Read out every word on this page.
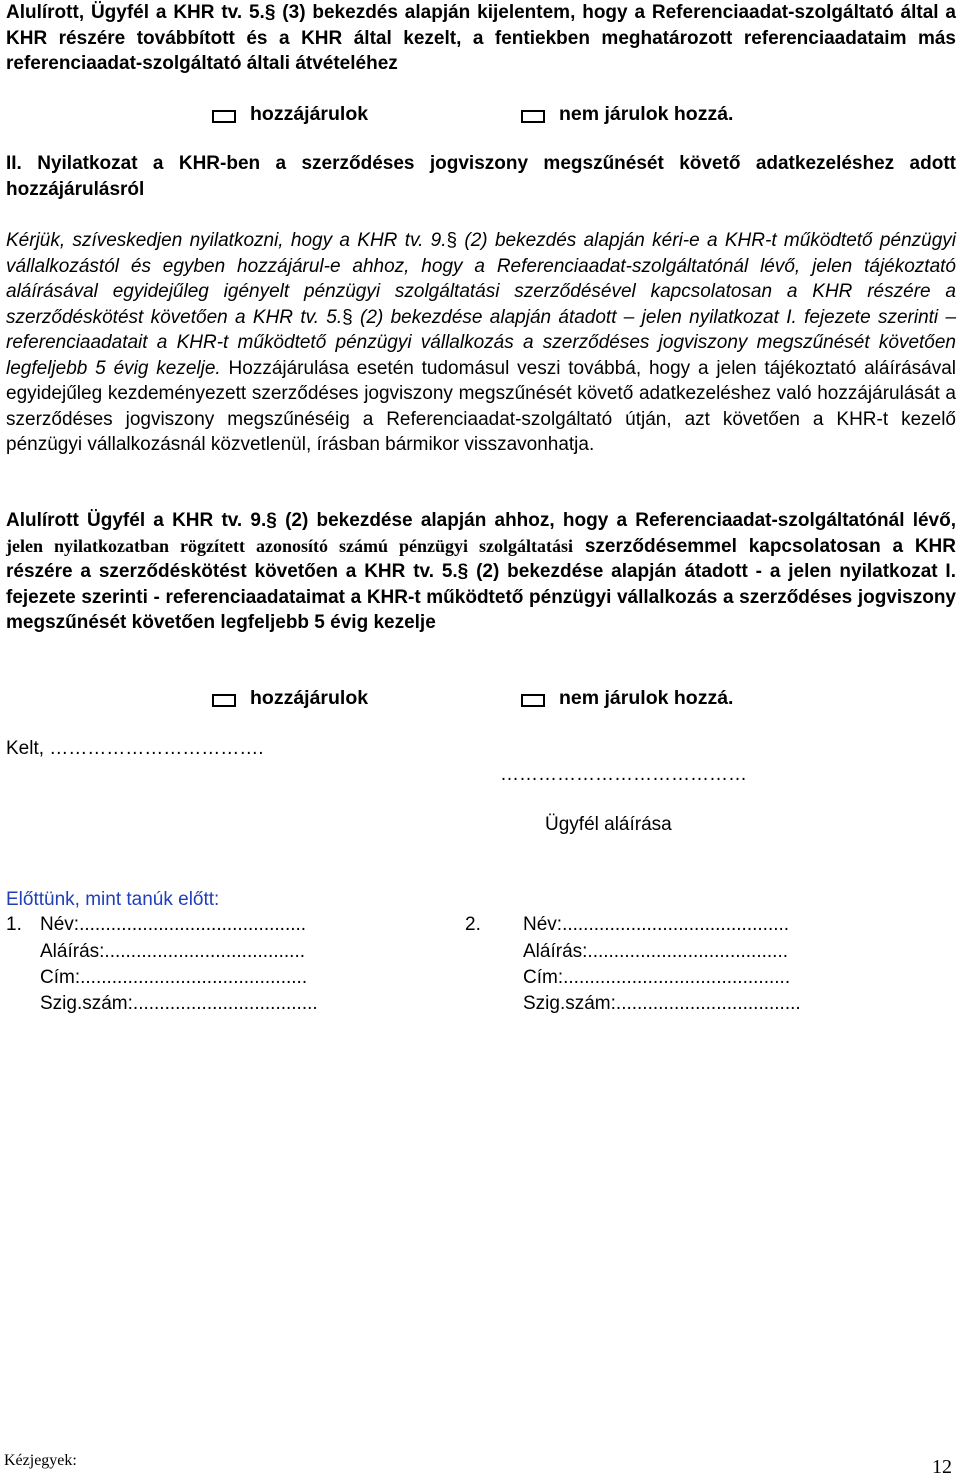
Alulírott, Ügyfél a KHR tv. 5.§ (3) bekezdés alapján kijelentem, hogy a Referenciaadat-szolgáltató által a KHR részére továbbított és a KHR által kezelt, a fentiekben meghatározott referenciaadataim más referenciaadat-szolgáltató általi átvételéhez

hozzájárulok	nem járulok hozzá.

II. Nyilatkozat a KHR-ben a szerződéses jogviszony megszűnését követő adatkezeléshez adott hozzájárulásról

Kérjük, szíveskedjen nyilatkozni, hogy a KHR tv. 9.§ (2) bekezdés alapján kéri-e a KHR-t működtető pénzügyi vállalkozástól és egyben hozzájárul-e ahhoz, hogy a Referenciaadat-szolgáltatónál lévő, jelen tájékoztató aláírásával egyidejűleg igényelt pénzügyi szolgáltatási szerződésével kapcsolatosan a KHR részére a szerződéskötést követően a KHR tv. 5.§ (2) bekezdése alapján átadott – jelen nyilatkozat I. fejezete szerinti – referenciaadatait a KHR-t működtető pénzügyi vállalkozás a szerződéses jogviszony megszűnését követően legfeljebb 5 évig kezelje. Hozzájárulása esetén tudomásul veszi továbbá, hogy a jelen tájékoztató aláírásával egyidejűleg kezdeményezett szerződéses jogviszony megszűnését követő adatkezeléshez való hozzájárulását a szerződéses jogviszony megszűnéséig a Referenciaadat-szolgáltató útján, azt követően a KHR-t kezelő pénzügyi vállalkozásnál közvetlenül, írásban bármikor visszavonhatja.

Alulírott Ügyfél a KHR tv. 9.§ (2) bekezdése alapján ahhoz, hogy a Referenciaadat-szolgáltatónál lévő, jelen nyilatkozatban rögzített azonosító számú pénzügyi szolgáltatási szerződésemmel kapcsolatosan a KHR részére a szerződéskötést követően a KHR tv. 5.§ (2) bekezdése alapján átadott - a jelen nyilatkozat I. fejezete szerinti - referenciaadataimat a KHR-t működtető pénzügyi vállalkozás a szerződéses jogviszony megszűnését követően legfeljebb 5 évig kezelje

hozzájárulok	nem járulok hozzá.
Kelt, …………………………….
…………………………………
Ügyfél aláírása
Előttünk, mint tanúk előtt:
1. Név:...........................................
Aláírás:......................................
Cím:...........................................
Szig.szám:...................................
2. Név:...........................................
Aláírás:......................................
Cím:...........................................
Szig.szám:...................................
Kézjegyek:	12
